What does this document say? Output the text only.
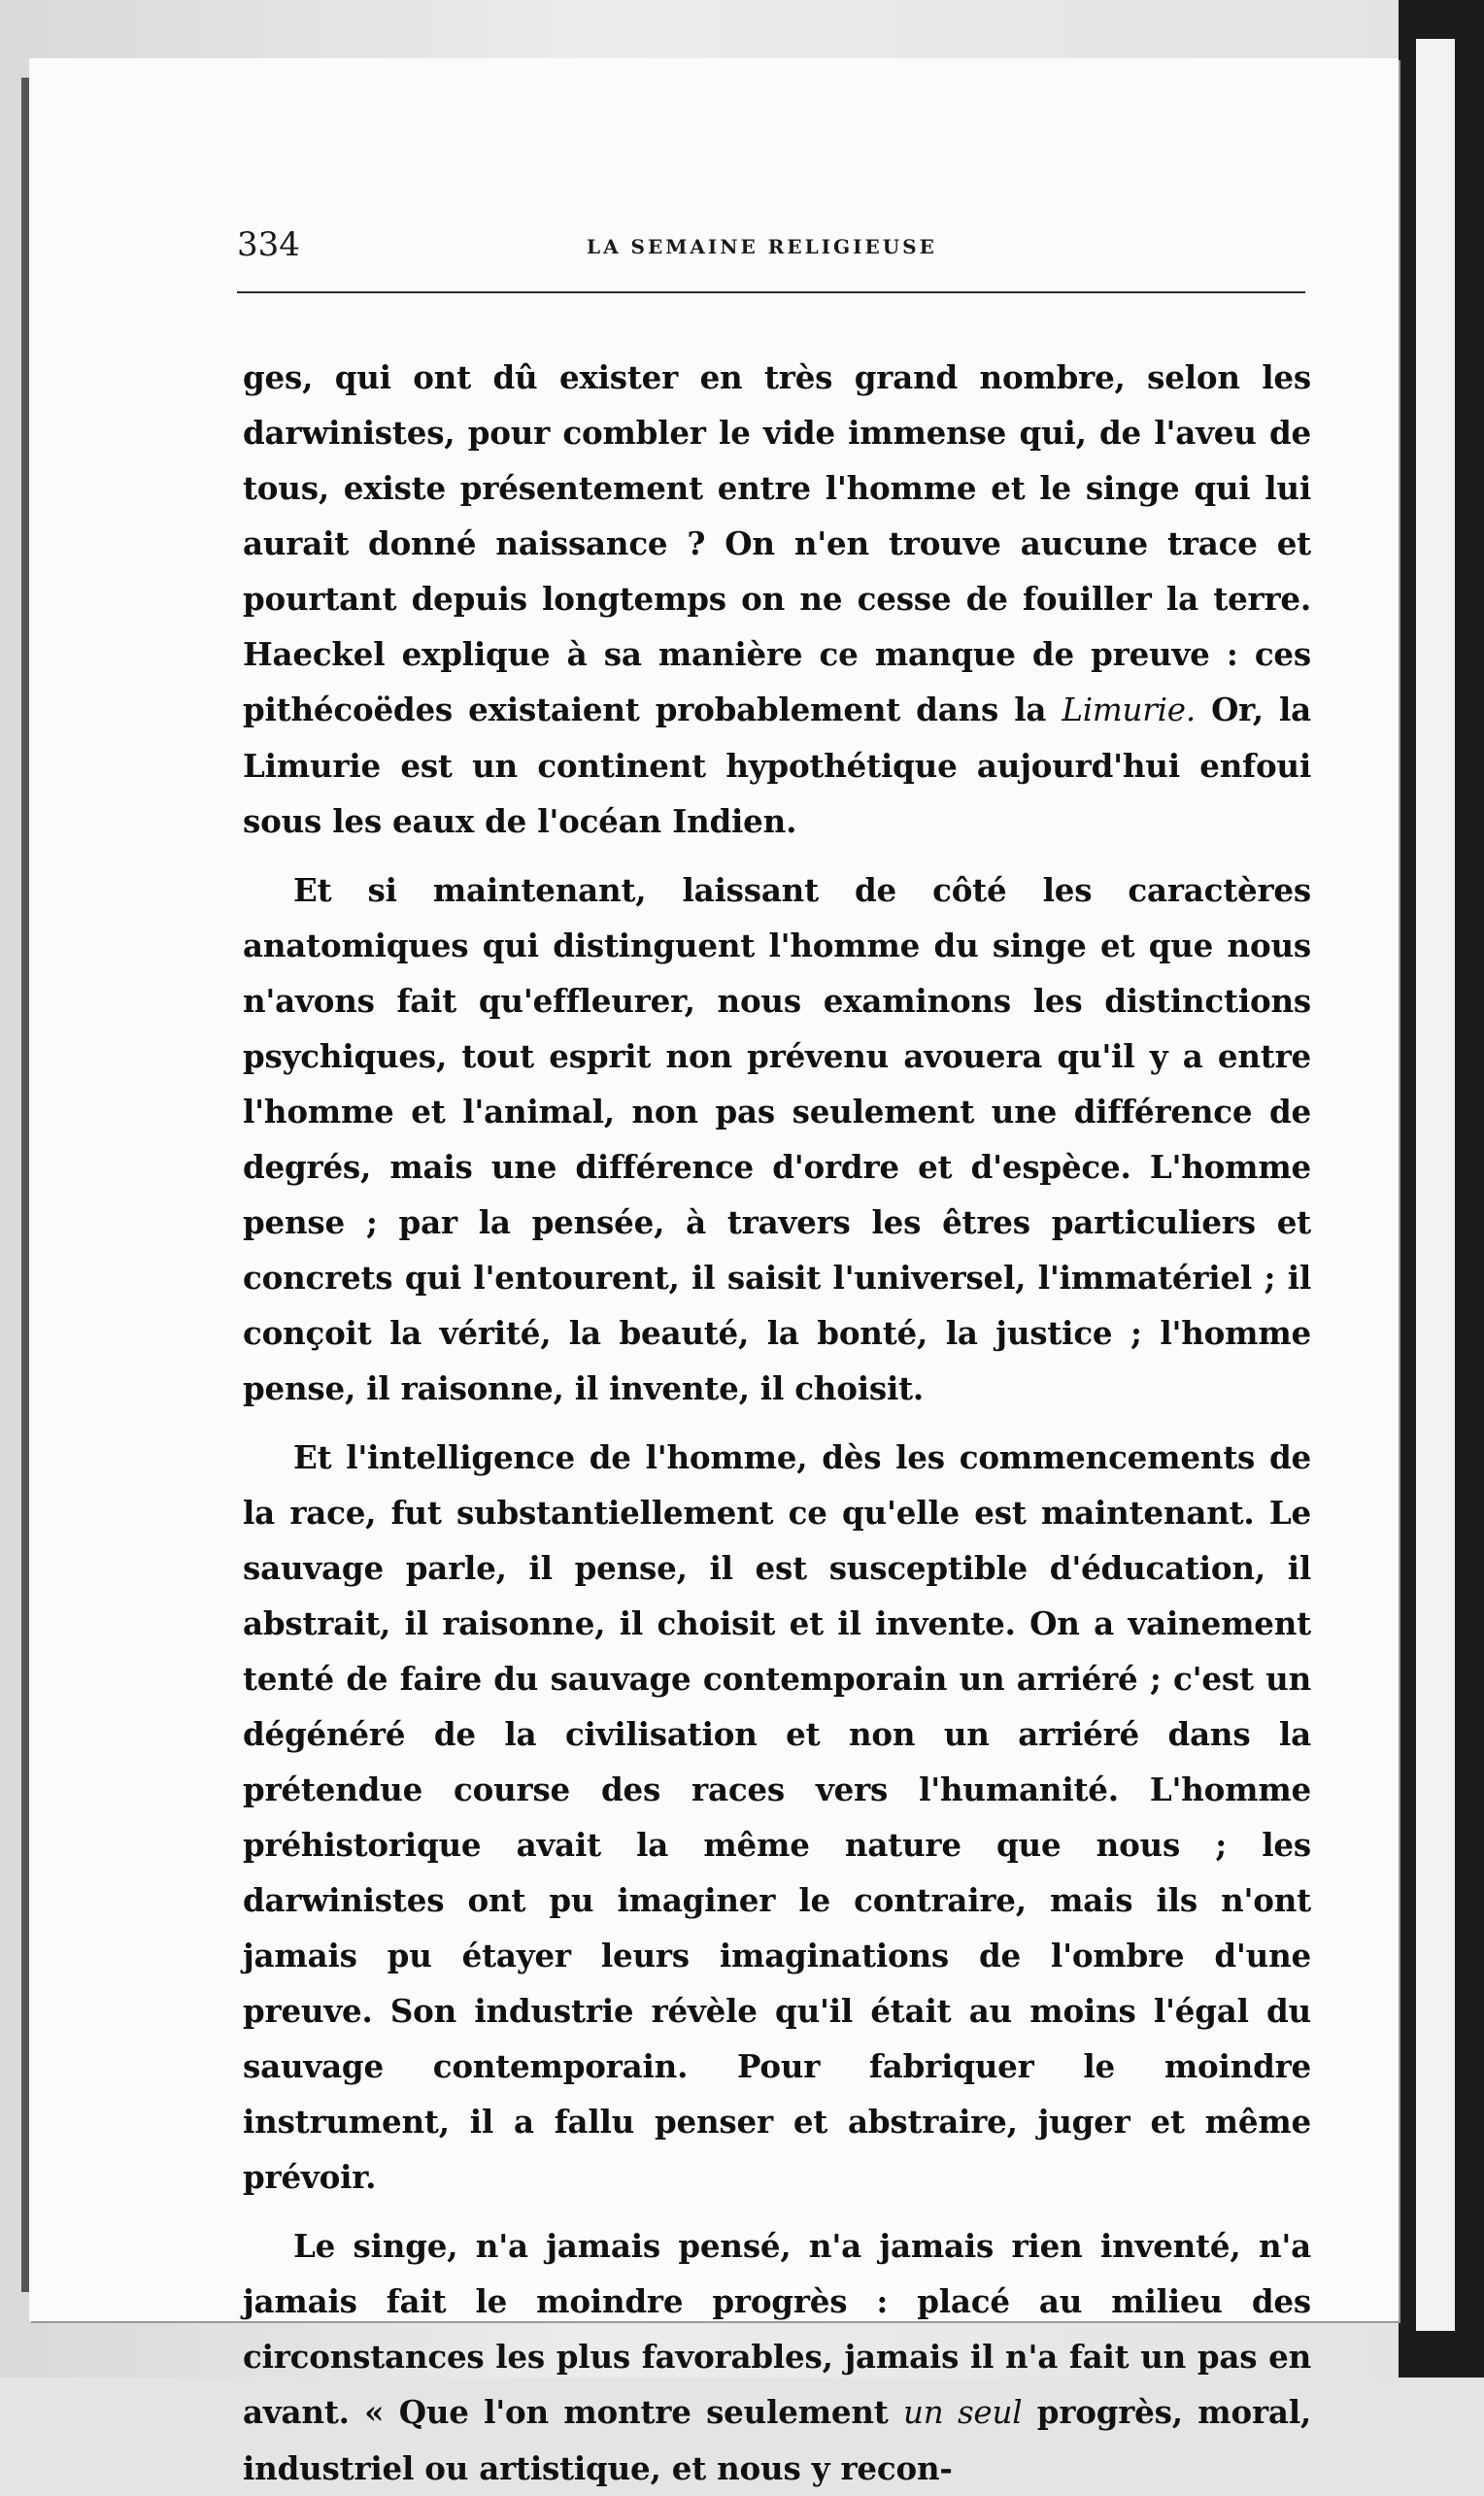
334	LA SEMAINE RELIGIEUSE

ges, qui ont dû exister en très grand nombre, selon les darwinistes, pour combler le vide immense qui, de l'aveu de tous, existe présentement entre l'homme et le singe qui lui aurait donné naissance ? On n'en trouve aucune trace et pourtant depuis longtemps on ne cesse de fouiller la terre. Haeckel explique à sa manière ce manque de preuve : ces pithécoëdes existaient probablement dans la Limurie. Or, la Limurie est un continent hypothétique aujourd'hui enfoui sous les eaux de l'océan Indien.

Et si maintenant, laissant de côté les caractères anatomiques qui distinguent l'homme du singe et que nous n'avons fait qu'effleurer, nous examinons les distinctions psychiques, tout esprit non prévenu avouera qu'il y a entre l'homme et l'animal, non pas seulement une différence de degrés, mais une différence d'ordre et d'espèce. L'homme pense ; par la pensée, à travers les êtres particuliers et concrets qui l'entourent, il saisit l'universel, l'immatériel ; il conçoit la vérité, la beauté, la bonté, la justice ; l'homme pense, il raisonne, il invente, il choisit.

Et l'intelligence de l'homme, dès les commencements de la race, fut substantiellement ce qu'elle est maintenant. Le sauvage parle, il pense, il est susceptible d'éducation, il abstrait, il raisonne, il choisit et il invente. On a vainement tenté de faire du sauvage contemporain un arriéré ; c'est un dégénéré de la civilisation et non un arriéré dans la prétendue course des races vers l'humanité. L'homme préhistorique avait la même nature que nous ; les darwinistes ont pu imaginer le contraire, mais ils n'ont jamais pu étayer leurs imaginations de l'ombre d'une preuve. Son industrie révèle qu'il était au moins l'égal du sauvage contemporain. Pour fabriquer le moindre instrument, il a fallu penser et abstraire, juger et même prévoir.

Le singe, n'a jamais pensé, n'a jamais rien inventé, n'a jamais fait le moindre progrès : placé au milieu des circonstances les plus favorables, jamais il n'a fait un pas en avant. « Que l'on montre seulement un seul progrès, moral, industriel ou artistique, et nous y recon-
